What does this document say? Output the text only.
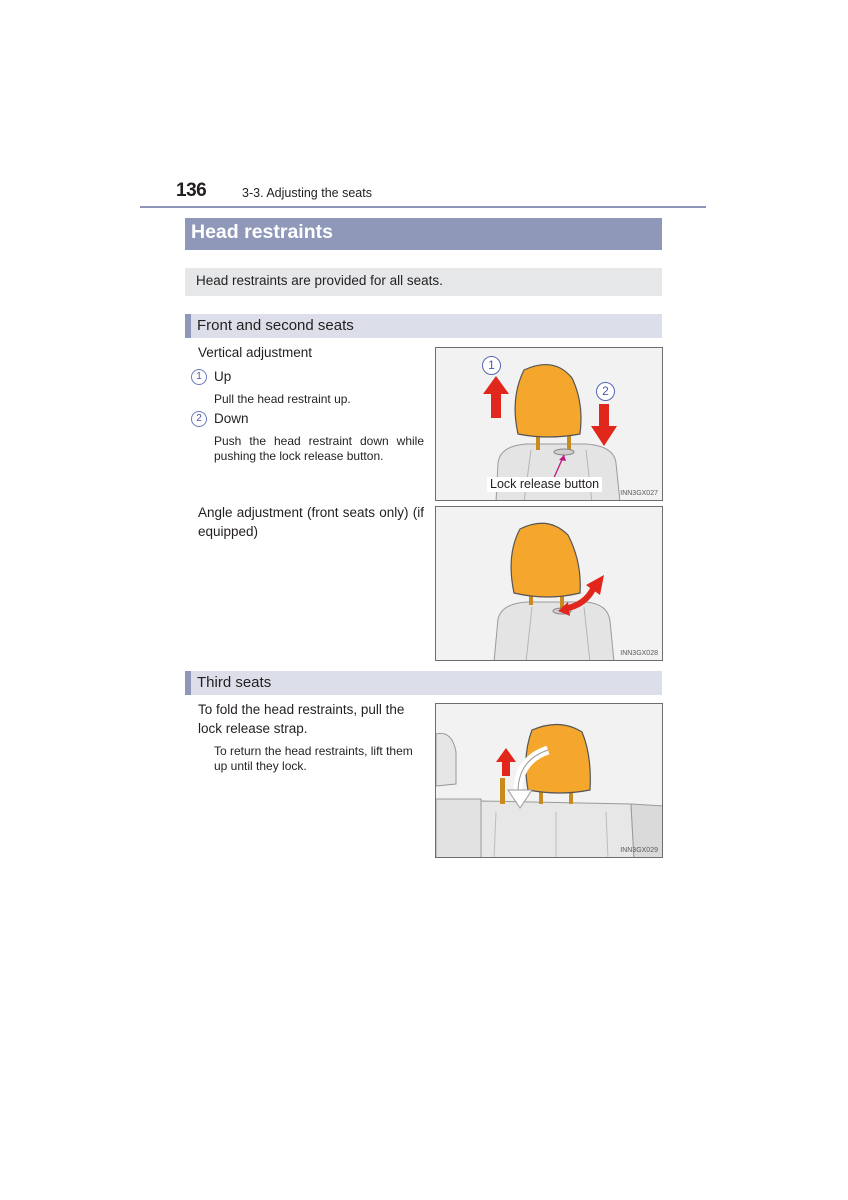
136	3-3. Adjusting the seats
Head restraints
Head restraints are provided for all seats.
Front and second seats
Vertical adjustment
1 Up
Pull the head restraint up.
2 Down
Push the head restraint down while pushing the lock release button.
Angle adjustment (front seats only) (if equipped)
1
2
Lock release button
INN3GX027
INN3GX028
Third seats
To fold the head restraints, pull the lock release strap.
To return the head restraints, lift them up until they lock.
INN3GX029
